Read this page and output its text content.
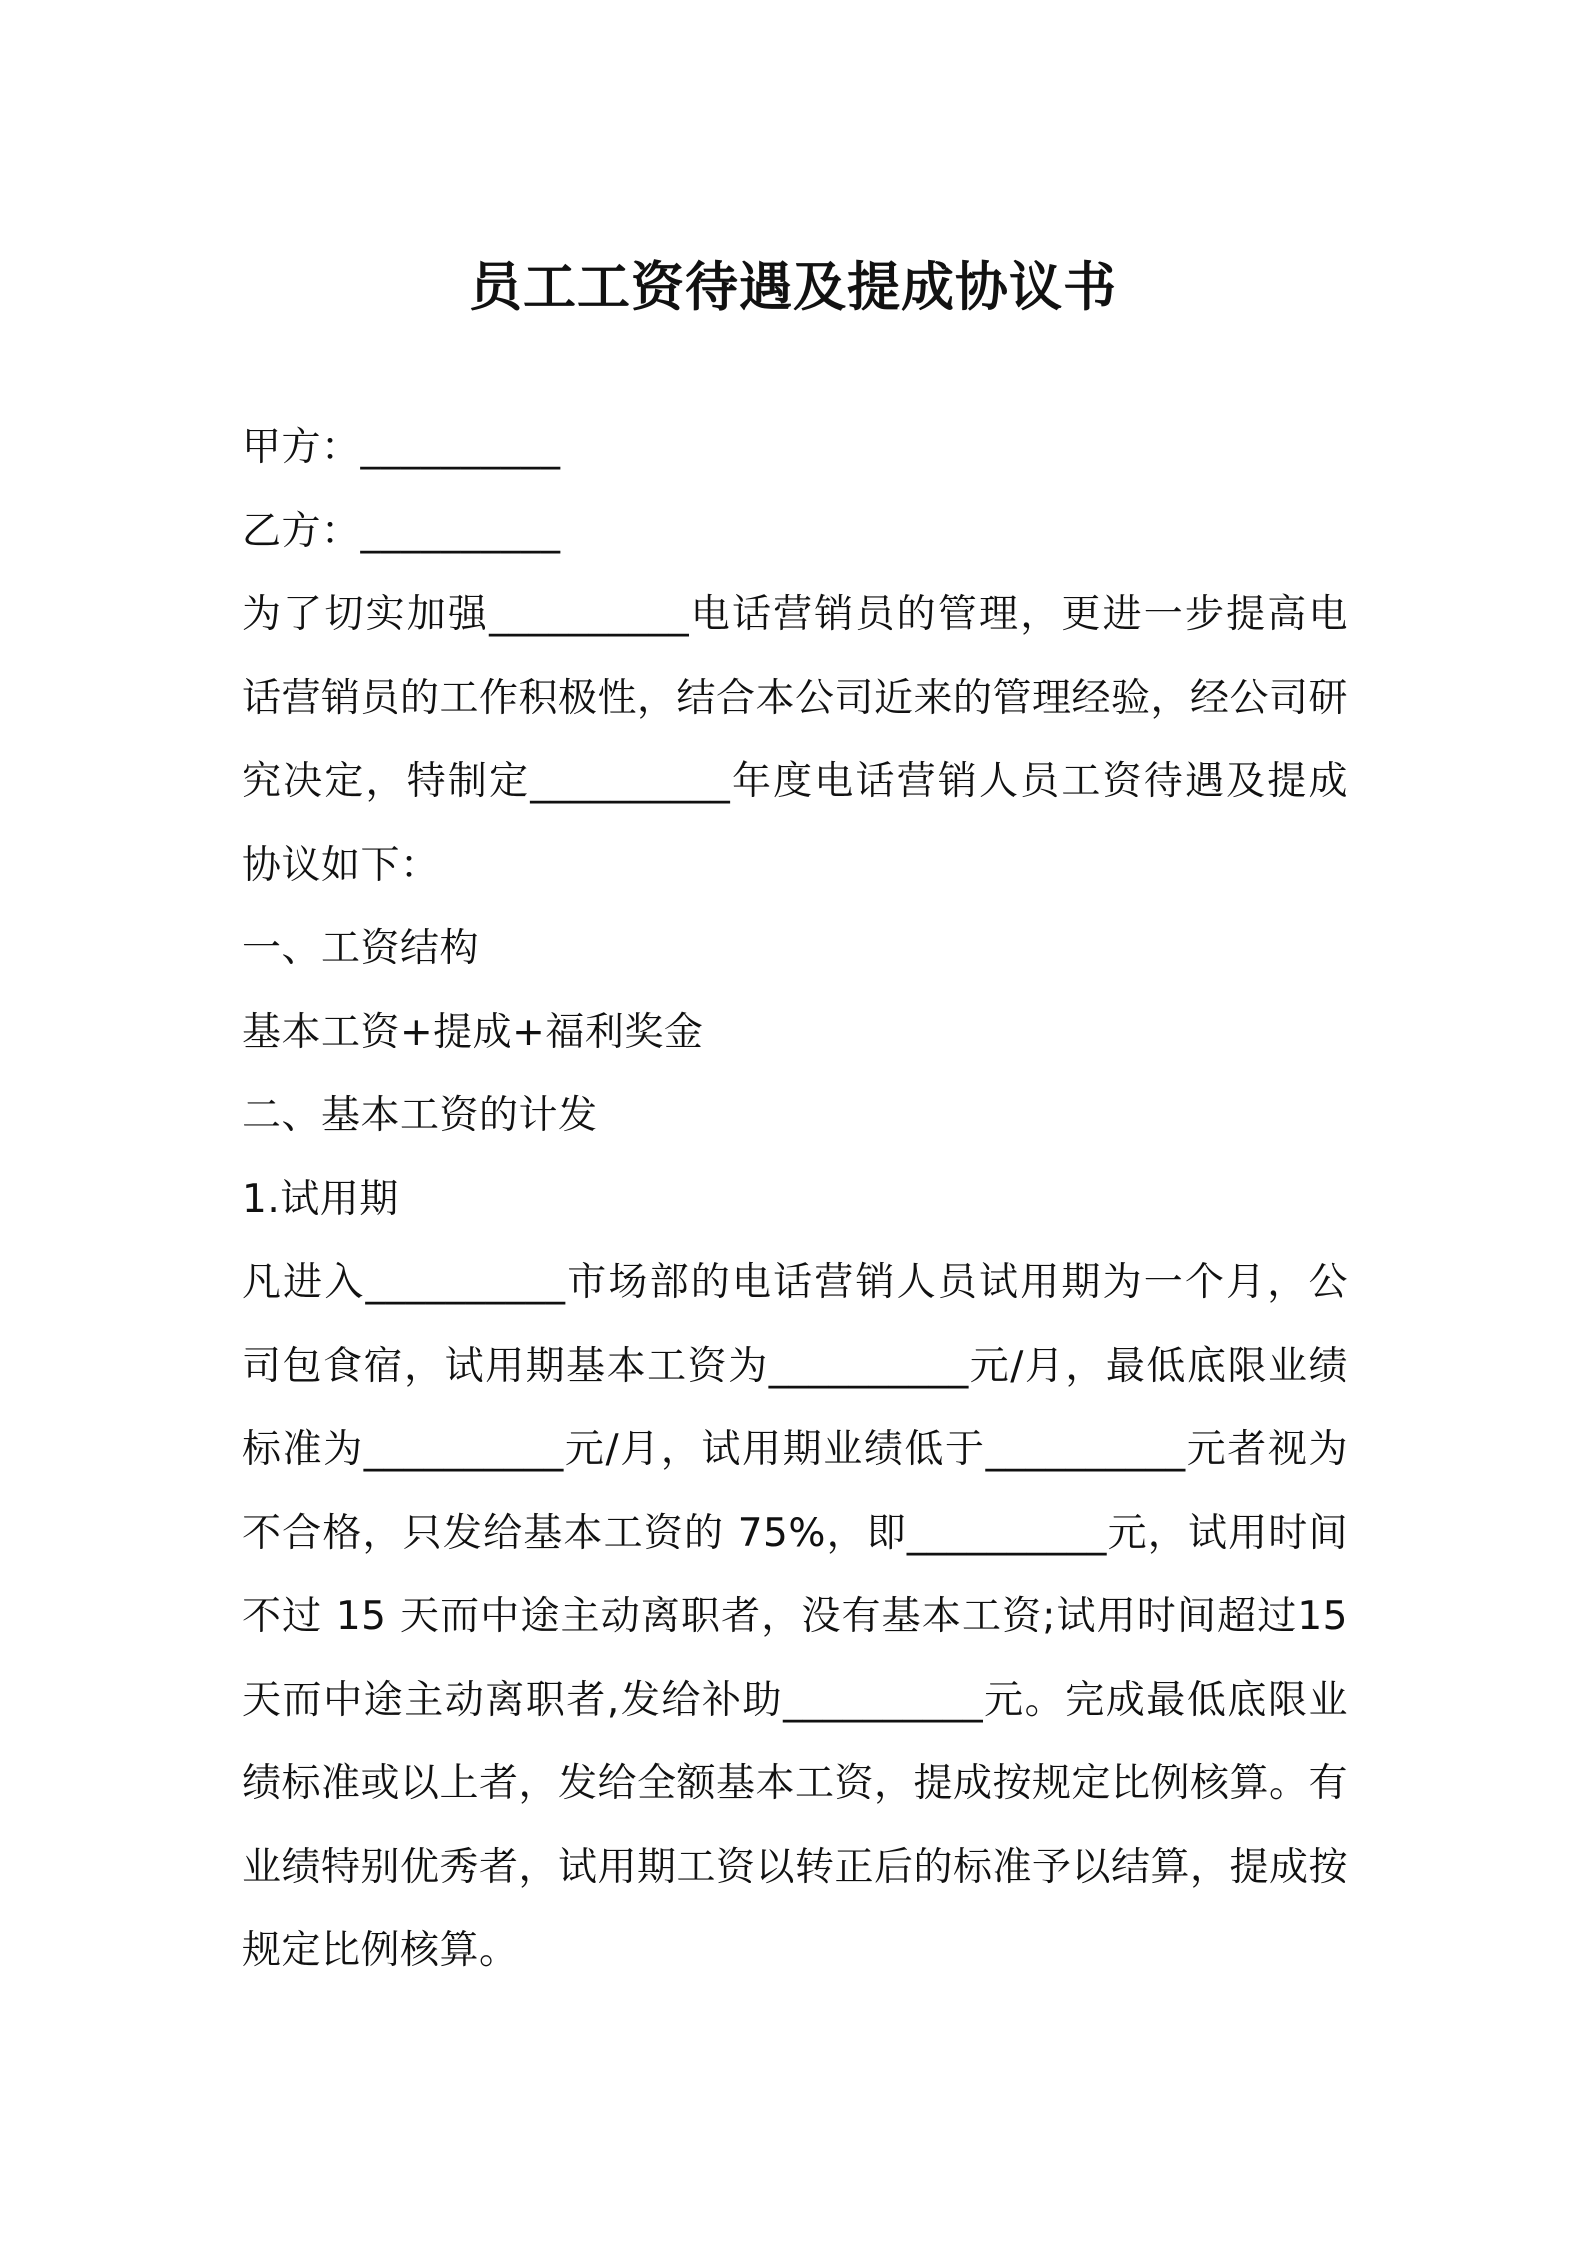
员工工资待遇及提成协议书

甲方：__________

乙方：__________

为了切实加强__________电话营销员的管理，更进一步提高电话营销员的工作积极性，结合本公司近来的管理经验，经公司研究决定，特制定__________年度电话营销人员工资待遇及提成协议如下：

一、工资结构

基本工资+提成+福利奖金

二、基本工资的计发

1.试用期

凡进入__________市场部的电话营销人员试用期为一个月，公司包食宿，试用期基本工资为__________元/月，最低底限业绩标准为__________元/月，试用期业绩低于__________元者视为不合格，只发给基本工资的 75%，即__________元，试用时间不过 15 天而中途主动离职者，没有基本工资;试用时间超过15天而中途主动离职者,发给补助__________元。完成最低底限业绩标准或以上者，发给全额基本工资，提成按规定比例核算。有业绩特别优秀者，试用期工资以转正后的标准予以结算，提成按规定比例核算。
